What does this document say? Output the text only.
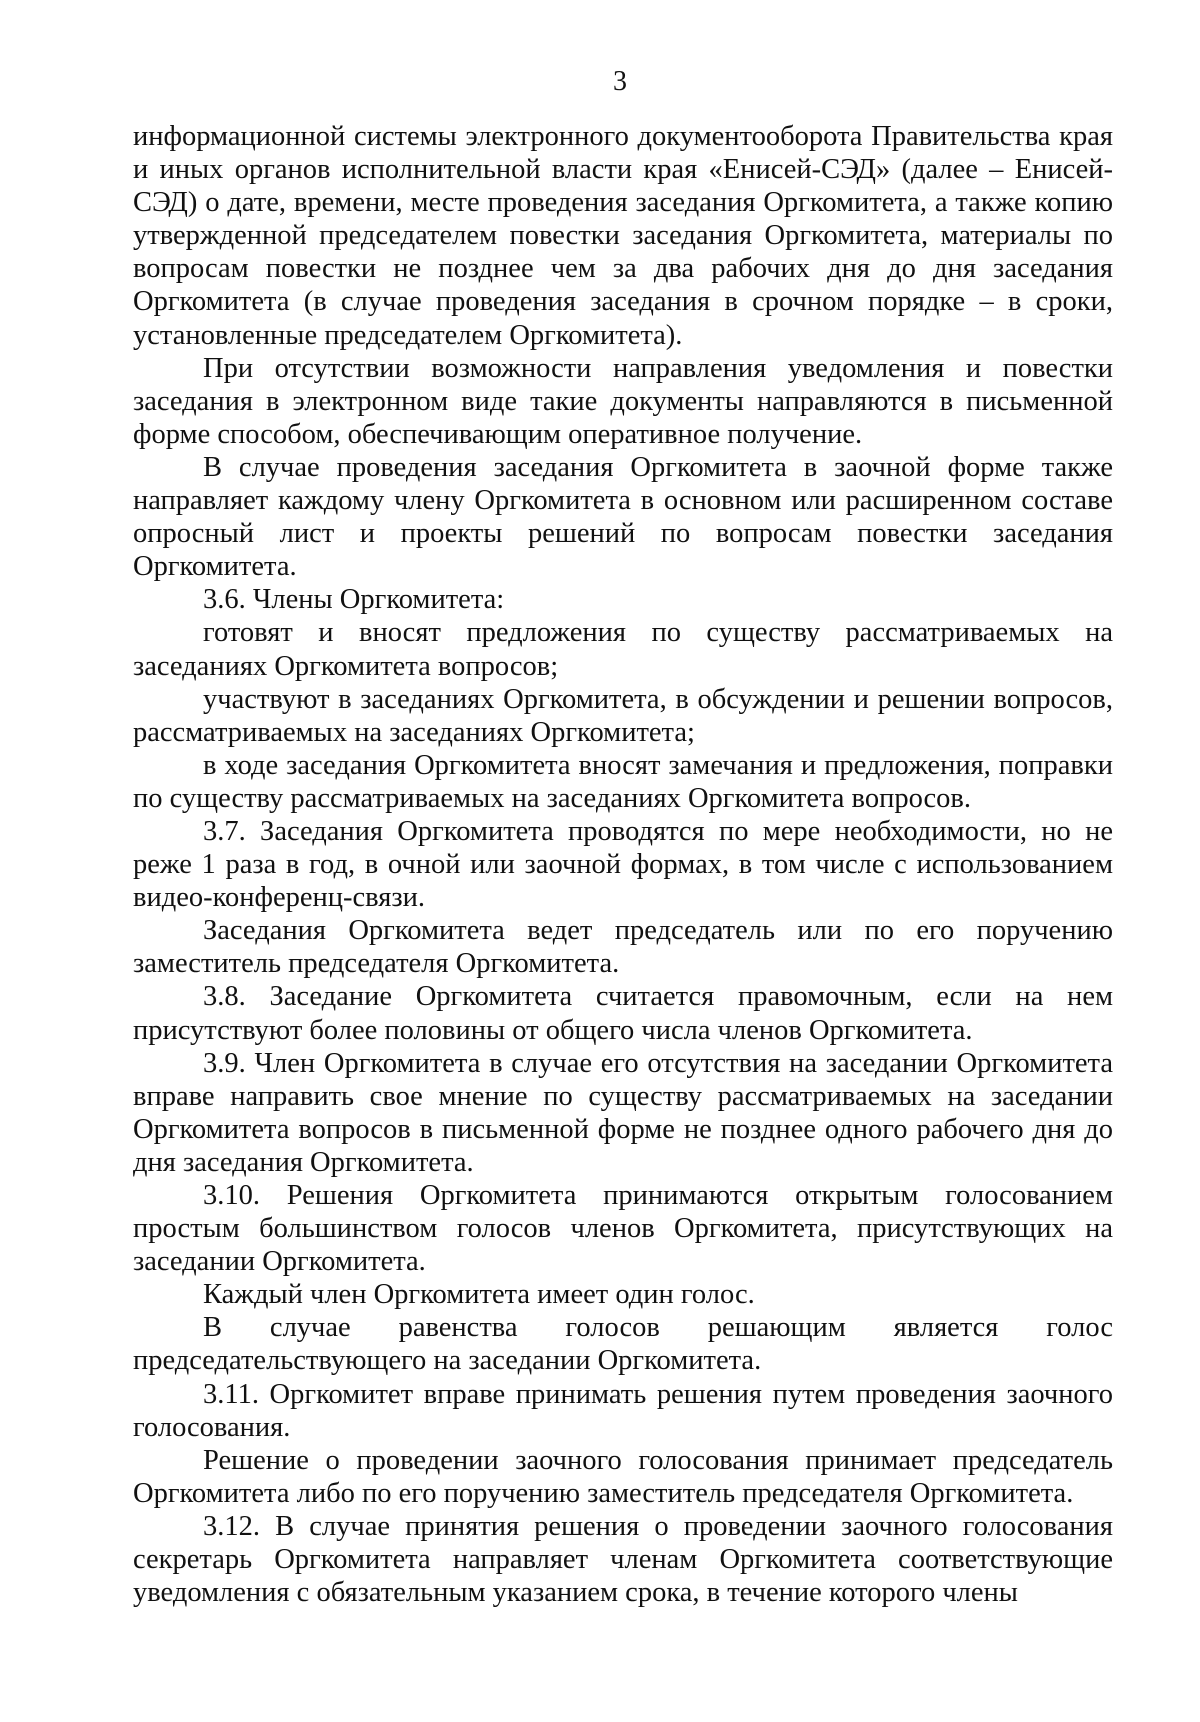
3

информационной системы электронного документооборота Правительства края и иных органов исполнительной власти края «Енисей-СЭД» (далее – Енисей-СЭД) о дате, времени, месте проведения заседания Оргкомитета, а также копию утвержденной председателем повестки заседания Оргкомитета, материалы по вопросам повестки не позднее чем за два рабочих дня до дня заседания Оргкомитета (в случае проведения заседания в срочном порядке – в сроки, установленные председателем Оргкомитета).

При отсутствии возможности направления уведомления и повестки заседания в электронном виде такие документы направляются в письменной форме способом, обеспечивающим оперативное получение.

В случае проведения заседания Оргкомитета в заочной форме также направляет каждому члену Оргкомитета в основном или расширенном составе опросный лист и проекты решений по вопросам повестки заседания Оргкомитета.

3.6. Члены Оргкомитета:

готовят и вносят предложения по существу рассматриваемых на заседаниях Оргкомитета вопросов;

участвуют в заседаниях Оргкомитета, в обсуждении и решении вопросов, рассматриваемых на заседаниях Оргкомитета;

в ходе заседания Оргкомитета вносят замечания и предложения, поправки по существу рассматриваемых на заседаниях Оргкомитета вопросов.

3.7. Заседания Оргкомитета проводятся по мере необходимости, но не реже 1 раза в год, в очной или заочной формах, в том числе с использованием видео-конференц-связи.

Заседания Оргкомитета ведет председатель или по его поручению заместитель председателя Оргкомитета.

3.8. Заседание Оргкомитета считается правомочным, если на нем присутствуют более половины от общего числа членов Оргкомитета.

3.9. Член Оргкомитета в случае его отсутствия на заседании Оргкомитета вправе направить свое мнение по существу рассматриваемых на заседании Оргкомитета вопросов в письменной форме не позднее одного рабочего дня до дня заседания Оргкомитета.

3.10. Решения Оргкомитета принимаются открытым голосованием простым большинством голосов членов Оргкомитета, присутствующих на заседании Оргкомитета.

Каждый член Оргкомитета имеет один голос.

В случае равенства голосов решающим является голос председательствующего на заседании Оргкомитета.

3.11. Оргкомитет вправе принимать решения путем проведения заочного голосования.

Решение о проведении заочного голосования принимает председатель Оргкомитета либо по его поручению заместитель председателя Оргкомитета.

3.12. В случае принятия решения о проведении заочного голосования секретарь Оргкомитета направляет членам Оргкомитета соответствующие уведомления с обязательным указанием срока, в течение которого члены
